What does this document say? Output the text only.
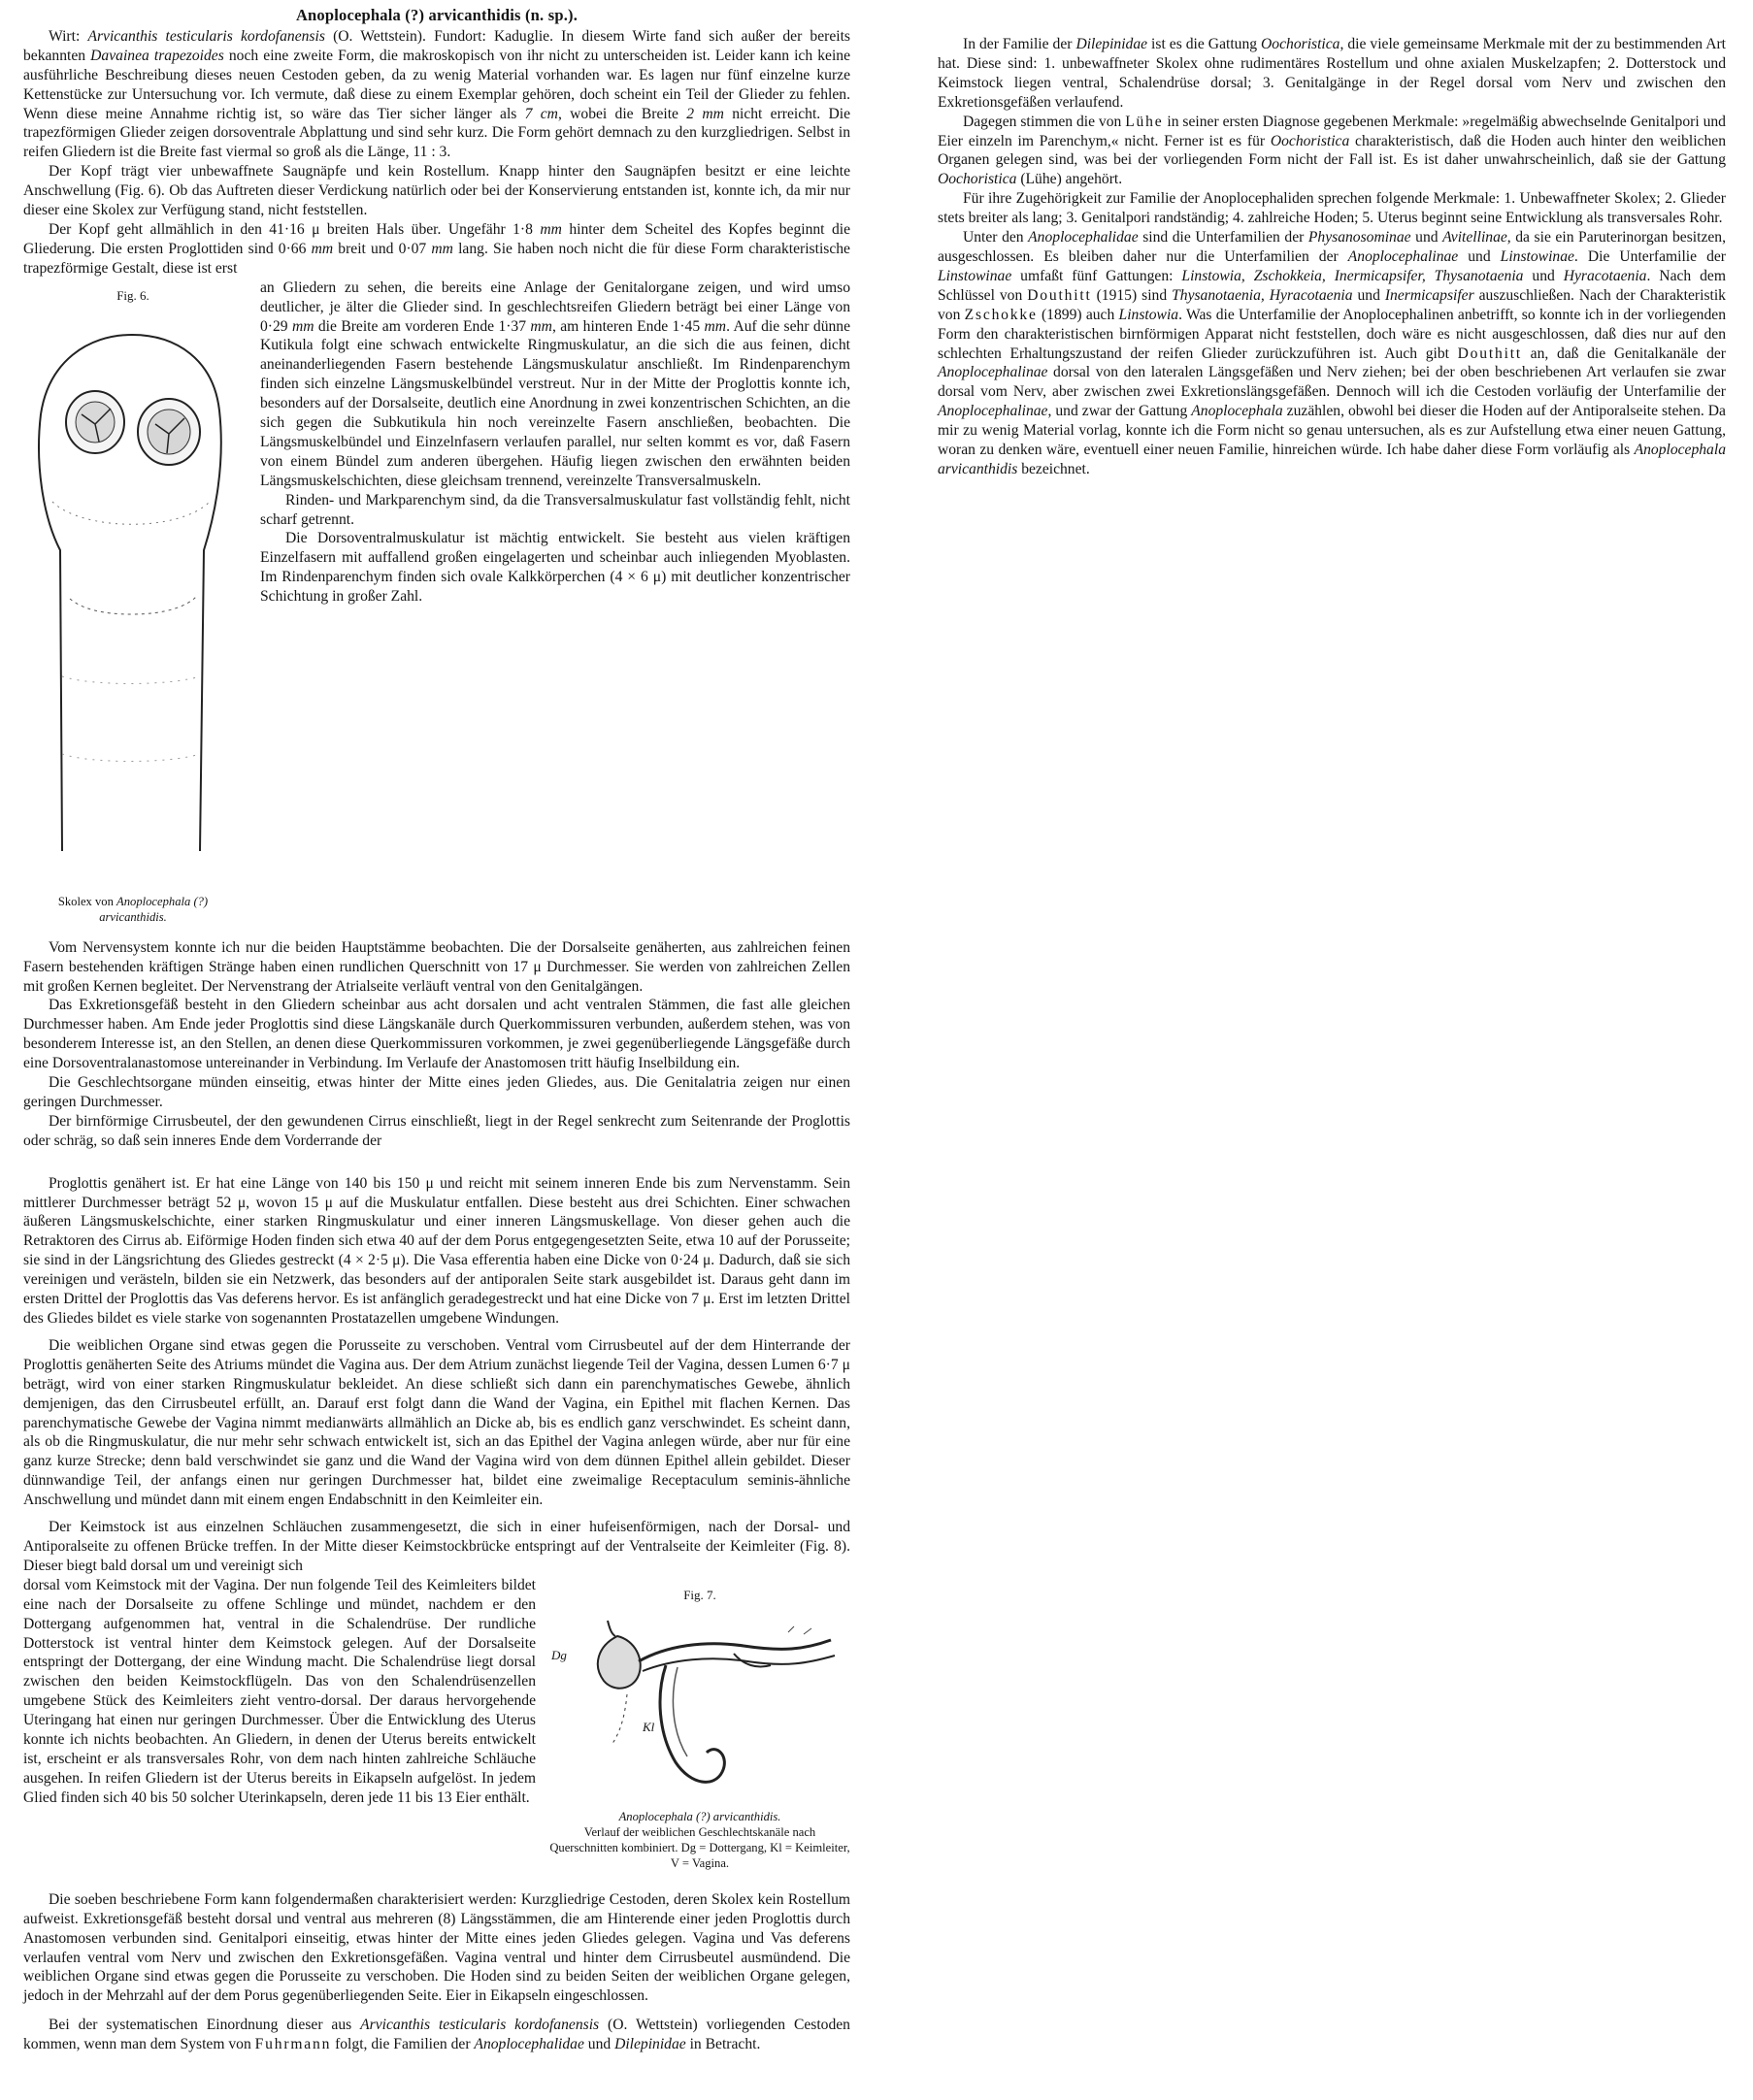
Anoplocephala (?) arvicanthidis (n. sp.).

Wirt: Arvicanthis testicularis kordofanensis (O. Wettstein). Fundort: Kaduglie. In diesem Wirte fand sich außer der bereits bekannten Davainea trapezoides noch eine zweite Form, die makroskopisch von ihr nicht zu unterscheiden ist. Leider kann ich keine ausführliche Beschreibung dieses neuen Cestoden geben, da zu wenig Material vorhanden war. Es lagen nur fünf einzelne kurze Kettenstücke zur Untersuchung vor. Ich vermute, daß diese zu einem Exemplar gehören, doch scheint ein Teil der Glieder zu fehlen. Wenn diese meine Annahme richtig ist, so wäre das Tier sicher länger als 7 cm, wobei die Breite 2 mm nicht erreicht. Die trapezförmigen Glieder zeigen dorsoventrale Abplattung und sind sehr kurz. Die Form gehört demnach zu den kurzgliedrigen. Selbst in reifen Gliedern ist die Breite fast viermal so groß als die Länge, 11 : 3.

Der Kopf trägt vier unbewaffnete Saugnäpfe und kein Rostellum. Knapp hinter den Saugnäpfen besitzt er eine leichte Anschwellung (Fig. 6). Ob das Auftreten dieser Verdickung natürlich oder bei der Konservierung entstanden ist, konnte ich, da mir nur dieser eine Skolex zur Verfügung stand, nicht feststellen.

Der Kopf geht allmählich in den 41·16 μ breiten Hals über. Ungefähr 1·8 mm hinter dem Scheitel des Kopfes beginnt die Gliederung. Die ersten Proglottiden sind 0·66 mm breit und 0·07 mm lang. Sie haben noch nicht die für diese Form charakteristische trapezförmige Gestalt, diese ist erst

Fig. 6.
Skolex von Anoplocephala (?) arvicanthidis.

an Gliedern zu sehen, die bereits eine Anlage der Genitalorgane zeigen, und wird umso deutlicher, je älter die Glieder sind. In geschlechtsreifen Gliedern beträgt bei einer Länge von 0·29 mm die Breite am vorderen Ende 1·37 mm, am hinteren Ende 1·45 mm. Auf die sehr dünne Kutikula folgt eine schwach entwickelte Ringmuskulatur, an die sich die aus feinen, dicht aneinanderliegenden Fasern bestehende Längsmuskulatur anschließt. Im Rindenparenchym finden sich einzelne Längsmuskelbündel verstreut. Nur in der Mitte der Proglottis konnte ich, besonders auf der Dorsalseite, deutlich eine Anordnung in zwei konzentrischen Schichten, an die sich gegen die Subkutikula hin noch vereinzelte Fasern anschließen, beobachten. Die Längsmuskelbündel und Einzelnfasern verlaufen parallel, nur selten kommt es vor, daß Fasern von einem Bündel zum anderen übergehen. Häufig liegen zwischen den erwähnten beiden Längsmuskelschichten, diese gleichsam trennend, vereinzelte Transversalmuskeln.

Rinden- und Markparenchym sind, da die Transversalmuskulatur fast vollständig fehlt, nicht scharf getrennt.

Die Dorsoventralmuskulatur ist mächtig entwickelt. Sie besteht aus vielen kräftigen Einzelfasern mit auffallend großen eingelagerten und scheinbar auch inliegenden Myoblasten. Im Rindenparenchym finden sich ovale Kalkkörperchen (4 × 6 μ) mit deutlicher konzentrischer Schichtung in großer Zahl.

Vom Nervensystem konnte ich nur die beiden Hauptstämme beobachten. Die der Dorsalseite genäherten, aus zahlreichen feinen Fasern bestehenden kräftigen Stränge haben einen rundlichen Querschnitt von 17 μ Durchmesser. Sie werden von zahlreichen Zellen mit großen Kernen begleitet. Der Nervenstrang der Atrialseite verläuft ventral von den Genitalgängen.

Das Exkretionsgefäß besteht in den Gliedern scheinbar aus acht dorsalen und acht ventralen Stämmen, die fast alle gleichen Durchmesser haben. Am Ende jeder Proglottis sind diese Längskanäle durch Querkommissuren verbunden, außerdem stehen, was von besonderem Interesse ist, an den Stellen, an denen diese Querkommissuren vorkommen, je zwei gegenüberliegende Längsgefäße durch eine Dorsoventralanastomose untereinander in Verbindung. Im Verlaufe der Anastomosen tritt häufig Inselbildung ein.

Die Geschlechtsorgane münden einseitig, etwas hinter der Mitte eines jeden Gliedes, aus. Die Genitalatria zeigen nur einen geringen Durchmesser.

Der birnförmige Cirrusbeutel, der den gewundenen Cirrus einschließt, liegt in der Regel senkrecht zum Seitenrande der Proglottis oder schräg, so daß sein inneres Ende dem Vorderrande der

Proglottis genähert ist. Er hat eine Länge von 140 bis 150 μ und reicht mit seinem inneren Ende bis zum Nervenstamm. Sein mittlerer Durchmesser beträgt 52 μ, wovon 15 μ auf die Muskulatur entfallen. Diese besteht aus drei Schichten. Einer schwachen äußeren Längsmuskelschichte, einer starken Ringmuskulatur und einer inneren Längsmuskellage. Von dieser gehen auch die Retraktoren des Cirrus ab. Eiförmige Hoden finden sich etwa 40 auf der dem Porus entgegengesetzten Seite, etwa 10 auf der Porusseite; sie sind in der Längsrichtung des Gliedes gestreckt (4 × 2·5 μ). Die Vasa efferentia haben eine Dicke von 0·24 μ. Dadurch, daß sie sich vereinigen und verästeln, bilden sie ein Netzwerk, das besonders auf der antiporalen Seite stark ausgebildet ist. Daraus geht dann im ersten Drittel der Proglottis das Vas deferens hervor. Es ist anfänglich geradegestreckt und hat eine Dicke von 7 μ. Erst im letzten Drittel des Gliedes bildet es viele starke von sogenannten Prostatazellen umgebene Windungen.

Die weiblichen Organe sind etwas gegen die Porusseite zu verschoben. Ventral vom Cirrusbeutel auf der dem Hinterrande der Proglottis genäherten Seite des Atriums mündet die Vagina aus. Der dem Atrium zunächst liegende Teil der Vagina, dessen Lumen 6·7 μ beträgt, wird von einer starken Ringmuskulatur bekleidet. An diese schließt sich dann ein parenchymatisches Gewebe, ähnlich demjenigen, das den Cirrusbeutel erfüllt, an. Darauf erst folgt dann die Wand der Vagina, ein Epithel mit flachen Kernen. Das parenchymatische Gewebe der Vagina nimmt medianwärts allmählich an Dicke ab, bis es endlich ganz verschwindet. Es scheint dann, als ob die Ringmuskulatur, die nur mehr sehr schwach entwickelt ist, sich an das Epithel der Vagina anlegen würde, aber nur für eine ganz kurze Strecke; denn bald verschwindet sie ganz und die Wand der Vagina wird von dem dünnen Epithel allein gebildet. Dieser dünnwandige Teil, der anfangs einen nur geringen Durchmesser hat, bildet eine zweimalige Receptaculum seminis-ähnliche Anschwellung und mündet dann mit einem engen Endabschnitt in den Keimleiter ein.

Der Keimstock ist aus einzelnen Schläuchen zusammengesetzt, die sich in einer hufeisenförmigen, nach der Dorsal- und Antiporalseite zu offenen Brücke treffen. In der Mitte dieser Keimstockbrücke entspringt auf der Ventralseite der Keimleiter (Fig. 8). Dieser biegt bald dorsal um und vereinigt sich

Fig. 7.
Dg
Kl
Anoplocephala (?) arvicanthidis.
Verlauf der weiblichen Geschlechtskanäle nach Querschnitten kombiniert. Dg = Dottergang, Kl = Keimleiter, V = Vagina.

dorsal vom Keimstock mit der Vagina. Der nun folgende Teil des Keimleiters bildet eine nach der Dorsalseite zu offene Schlinge und mündet, nachdem er den Dottergang aufgenommen hat, ventral in die Schalendrüse. Der rundliche Dotterstock ist ventral hinter dem Keimstock gelegen. Auf der Dorsalseite entspringt der Dottergang, der eine Windung macht. Die Schalendrüse liegt dorsal zwischen den beiden Keimstockflügeln. Das von den Schalendrüsenzellen umgebene Stück des Keimleiters zieht ventro-dorsal. Der daraus hervorgehende Uteringang hat einen nur geringen Durchmesser. Über die Entwicklung des Uterus konnte ich nichts beobachten. An Gliedern, in denen der Uterus bereits entwickelt ist, erscheint er als transversales Rohr, von dem nach hinten zahlreiche Schläuche ausgehen. In reifen Gliedern ist der Uterus bereits in Eikapseln aufgelöst. In jedem Glied finden sich 40 bis 50 solcher Uterinkapseln, deren jede 11 bis 13 Eier enthält.

Die soeben beschriebene Form kann folgendermaßen charakterisiert werden: Kurzgliedrige Cestoden, deren Skolex kein Rostellum aufweist. Exkretionsgefäß besteht dorsal und ventral aus mehreren (8) Längsstämmen, die am Hinterende einer jeden Proglottis durch Anastomosen verbunden sind. Genitalpori einseitig, etwas hinter der Mitte eines jeden Gliedes gelegen. Vagina und Vas deferens verlaufen ventral vom Nerv und zwischen den Exkretionsgefäßen. Vagina ventral und hinter dem Cirrusbeutel ausmündend. Die weiblichen Organe sind etwas gegen die Porusseite zu verschoben. Die Hoden sind zu beiden Seiten der weiblichen Organe gelegen, jedoch in der Mehrzahl auf der dem Porus gegenüberliegenden Seite. Eier in Eikapseln eingeschlossen.

Bei der systematischen Einordnung dieser aus Arvicanthis testicularis kordofanensis (O. Wettstein) vorliegenden Cestoden kommen, wenn man dem System von Fuhrmann folgt, die Familien der Anoplocephalidae und Dilepinidae in Betracht.

In der Familie der Dilepinidae ist es die Gattung Oochoristica, die viele gemeinsame Merkmale mit der zu bestimmenden Art hat. Diese sind: 1. unbewaffneter Skolex ohne rudimentäres Rostellum und ohne axialen Muskelzapfen; 2. Dotterstock und Keimstock liegen ventral, Schalendrüse dorsal; 3. Genitalgänge in der Regel dorsal vom Nerv und zwischen den Exkretionsgefäßen verlaufend.

Dagegen stimmen die von Lühe in seiner ersten Diagnose gegebenen Merkmale: »regelmäßig abwechselnde Genitalpori und Eier einzeln im Parenchym,« nicht. Ferner ist es für Oochoristica charakteristisch, daß die Hoden auch hinter den weiblichen Organen gelegen sind, was bei der vorliegenden Form nicht der Fall ist. Es ist daher unwahrscheinlich, daß sie der Gattung Oochoristica (Lühe) angehört.

Für ihre Zugehörigkeit zur Familie der Anoplocephaliden sprechen folgende Merkmale: 1. Unbewaffneter Skolex; 2. Glieder stets breiter als lang; 3. Genitalpori randständig; 4. zahlreiche Hoden; 5. Uterus beginnt seine Entwicklung als transversales Rohr.

Unter den Anoplocephalidae sind die Unterfamilien der Physanosominae und Avitellinae, da sie ein Paruterinorgan besitzen, ausgeschlossen. Es bleiben daher nur die Unterfamilien der Anoplocephalinae und Linstowinae. Die Unterfamilie der Linstowinae umfaßt fünf Gattungen: Linstowia, Zschokkeia, Inermicapsifer, Thysanotaenia und Hyracotaenia. Nach dem Schlüssel von Douthitt (1915) sind Thysanotaenia, Hyracotaenia und Inermicapsifer auszuschließen. Nach der Charakteristik von Zschokke (1899) auch Linstowia. Was die Unterfamilie der Anoplocephalinen anbetrifft, so konnte ich in der vorliegenden Form den charakteristischen birnförmigen Apparat nicht feststellen, doch wäre es nicht ausgeschlossen, daß dies nur auf den schlechten Erhaltungszustand der reifen Glieder zurückzuführen ist. Auch gibt Douthitt an, daß die Genitalkanäle der Anoplocephalinae dorsal von den lateralen Längsgefäßen und Nerv ziehen; bei der oben beschriebenen Art verlaufen sie zwar dorsal vom Nerv, aber zwischen zwei Exkretionslängsgefäßen. Dennoch will ich die Cestoden vorläufig der Unterfamilie der Anoplocephalinae, und zwar der Gattung Anoplocephala zuzählen, obwohl bei dieser die Hoden auf der Antiporalseite stehen. Da mir zu wenig Material vorlag, konnte ich die Form nicht so genau untersuchen, als es zur Aufstellung etwa einer neuen Gattung, woran zu denken wäre, eventuell einer neuen Familie, hinreichen würde. Ich habe daher diese Form vorläufig als Anoplocephala arvicanthidis bezeichnet.
